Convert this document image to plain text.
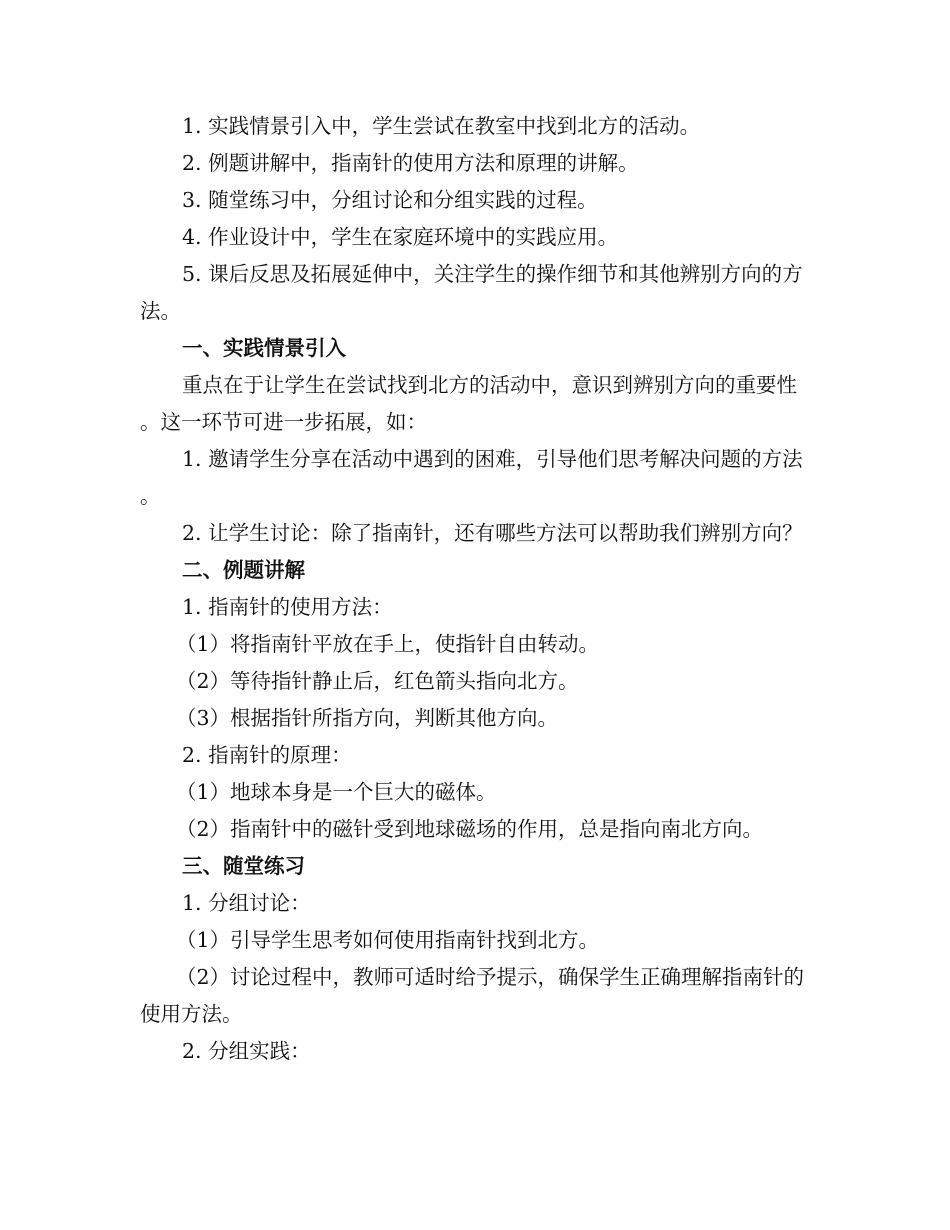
1. 实践情景引入中，学生尝试在教室中找到北方的活动。

2. 例题讲解中，指南针的使用方法和原理的讲解。

3. 随堂练习中，分组讨论和分组实践的过程。

4. 作业设计中，学生在家庭环境中的实践应用。

5. 课后反思及拓展延伸中，关注学生的操作细节和其他辨别方向的方法。

一、实践情景引入

重点在于让学生在尝试找到北方的活动中，意识到辨别方向的重要性。这一环节可进一步拓展，如：

1. 邀请学生分享在活动中遇到的困难，引导他们思考解决问题的方法。

2. 让学生讨论：除了指南针，还有哪些方法可以帮助我们辨别方向？

二、例题讲解

1. 指南针的使用方法：

（1）将指南针平放在手上，使指针自由转动。

（2）等待指针静止后，红色箭头指向北方。

（3）根据指针所指方向，判断其他方向。

2. 指南针的原理：

（1）地球本身是一个巨大的磁体。

（2）指南针中的磁针受到地球磁场的作用，总是指向南北方向。

三、随堂练习

1. 分组讨论：

（1）引导学生思考如何使用指南针找到北方。

（2）讨论过程中，教师可适时给予提示，确保学生正确理解指南针的使用方法。

2. 分组实践：
